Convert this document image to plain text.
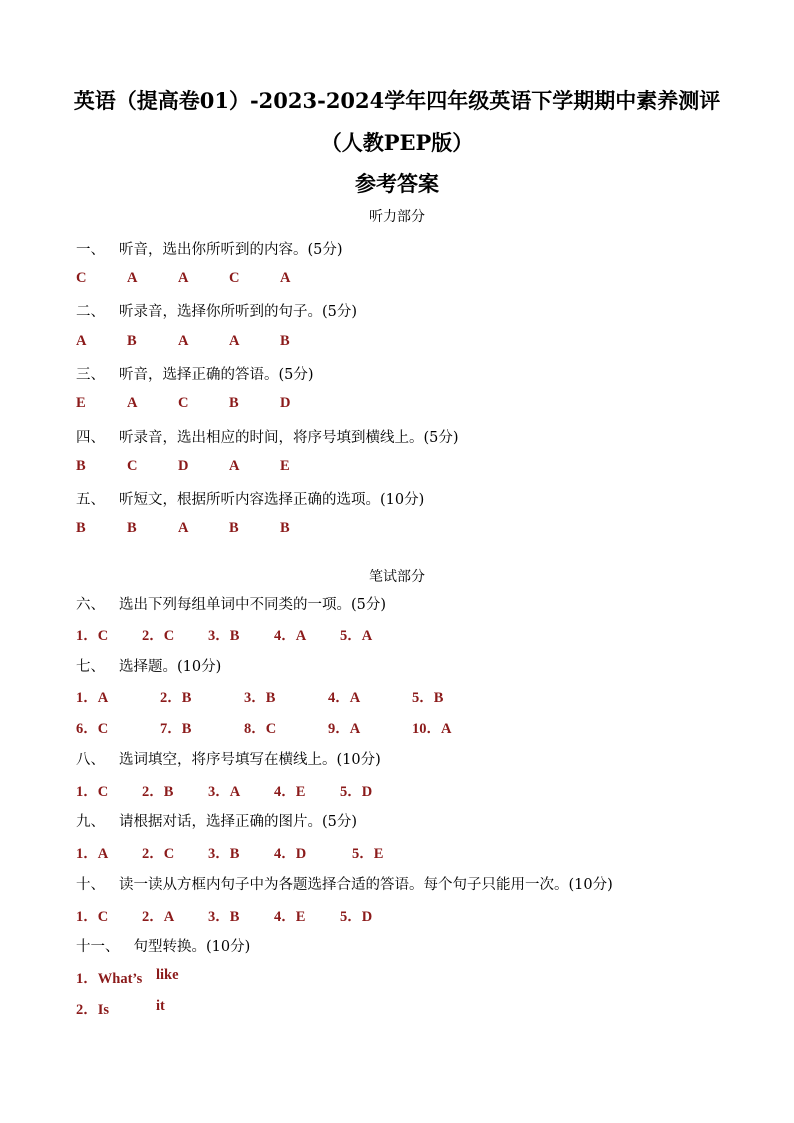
英语（提高卷01）-2023-2024学年四年级英语下学期期中素养测评
（人教PEP版）
参考答案
听力部分
笔试部分
一、 听音，选出你所听到的内容。(5分)
C	A	A	C	A
二、 听录音，选择你所听到的句子。(5分)
A	B	A	A	B
三、 听音，选择正确的答语。(5分)
E	A	C	B	D
四、 听录音，选出相应的时间，将序号填到横线上。(5分)
B	C	D	A	E
五、 听短文，根据所听内容选择正确的选项。(10分)
B	B	A	B	B
六、 选出下列每组单词中不同类的一项。(5分)
1．C 2．C 3．B 4．A 5．A
七、 选择题。(10分)
1．A	2．B	3．B	4．A	5．B
6．C	7．B	8．C	9．A	10．A
八、 选词填空，将序号填写在横线上。(10分)
1．C 2．B 3．A 4．E 5．D
九、 请根据对话，选择正确的图片。(5分)
1．A 2．C 3．B 4．D	5．E
十、 读一读从方框内句子中为各题选择合适的答语。每个句子只能用一次。(10分)
1．C 2．A 3．B 4．E 5．D
十一、 句型转换。(10分)
1．What’s like
2．Is	it
